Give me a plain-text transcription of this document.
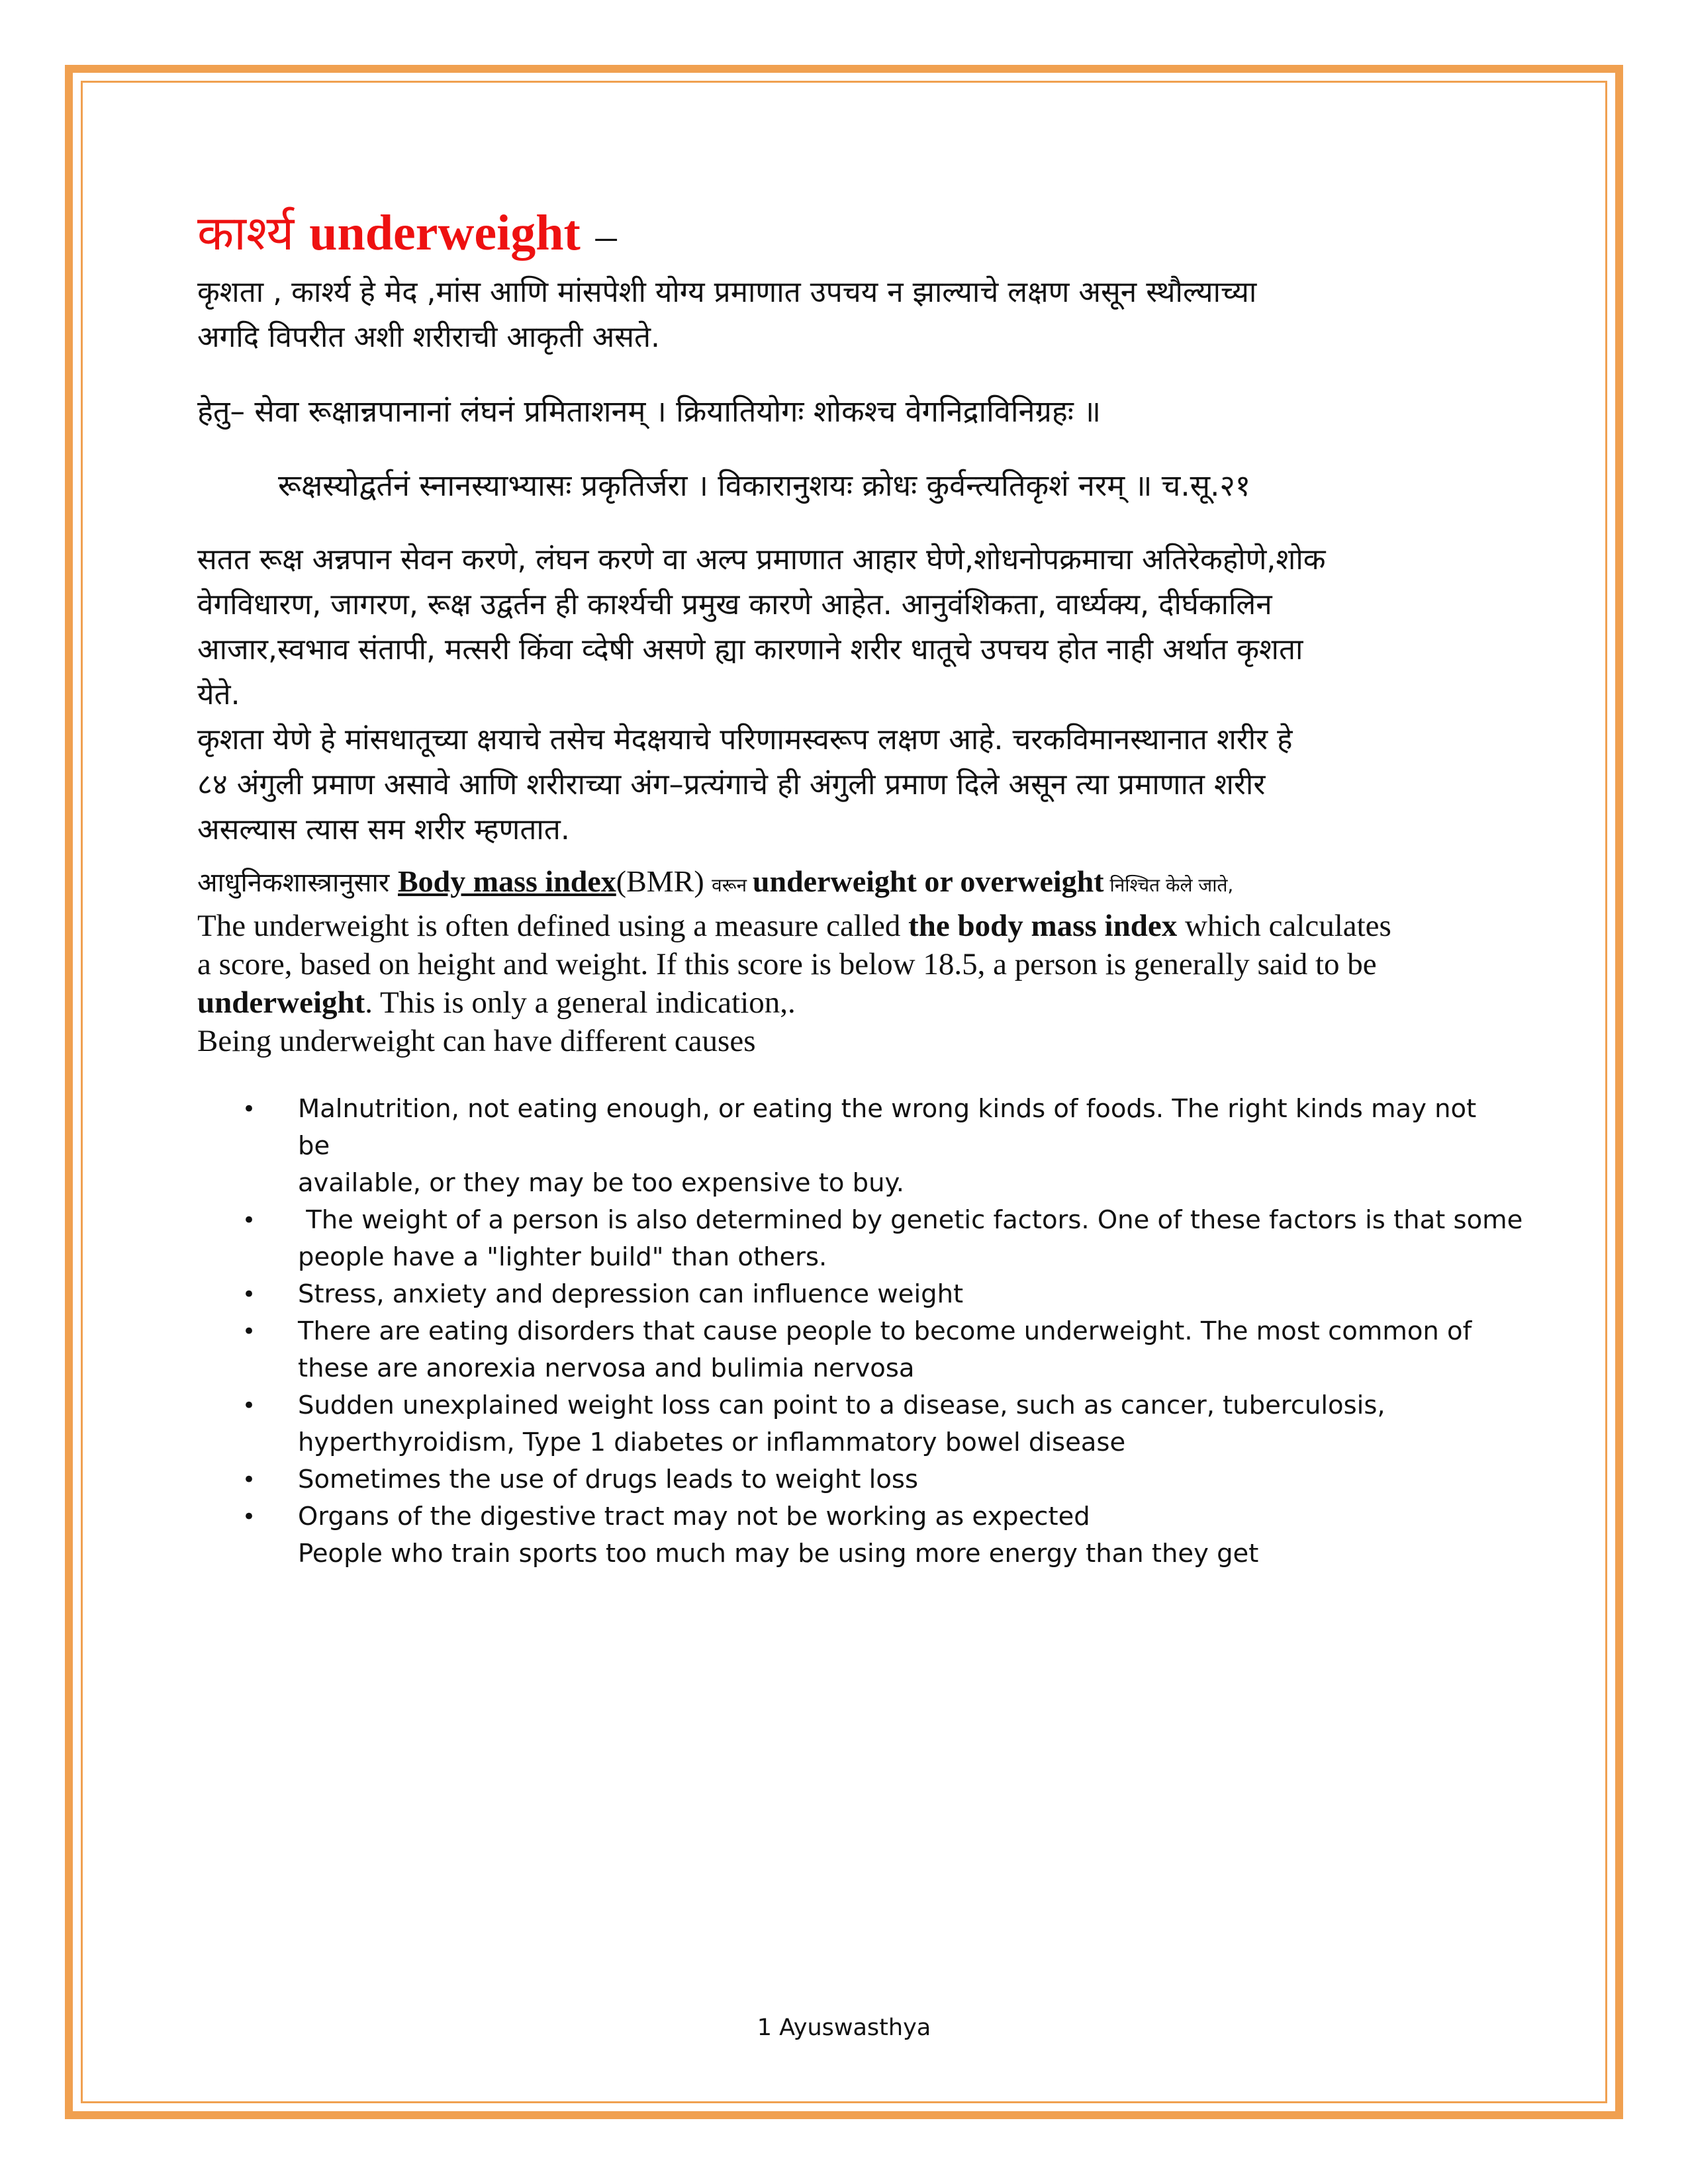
कार्श्य underweight –

कृशता , कार्श्य हे मेद ,मांस आणि मांसपेशी योग्य प्रमाणात उपचय न झाल्याचे लक्षण असून स्थौल्याच्या

अगदि विपरीत अशी शरीराची आकृती असते.

हेतु– सेवा रूक्षान्नपानानां लंघनं प्रमिताशनम् । क्रियातियोगः शोकश्च वेगनिद्राविनिग्रहः ॥

रूक्षस्योद्वर्तनं स्नानस्याभ्यासः प्रकृतिर्जरा । विकारानुशयः क्रोधः कुर्वन्त्यतिकृशं नरम् ॥ च.सू.२१

सतत रूक्ष अन्नपान सेवन करणे, लंघन करणे वा अल्प प्रमाणात आहार घेणे,शोधनोपक्रमाचा अतिरेकहोणे,शोक

वेगविधारण, जागरण, रूक्ष उद्वर्तन ही कार्श्यची प्रमुख कारणे आहेत. आनुवंशिकता, वार्ध्यक्य, दीर्घकालिन

आजार,स्वभाव संतापी, मत्सरी किंवा व्देषी असणे ह्या कारणाने शरीर धातूचे उपचय होत नाही अर्थात कृशता

येते.

कृशता येणे हे मांसधातूच्या क्षयाचे तसेच मेदक्षयाचे परिणामस्वरूप लक्षण आहे. चरकविमानस्थानात शरीर हे

८४ अंगुली प्रमाण असावे आणि शरीराच्या अंग–प्रत्यंगाचे ही अंगुली प्रमाण दिले असून त्या प्रमाणात शरीर

असल्यास त्यास सम शरीर म्हणतात.

आधुनिकशास्त्रानुसार Body mass index(BMR) वरून underweight or overweight निश्चित केले जाते,

The underweight is often defined using a measure called the body mass index which calculates

a score, based on height and weight. If this score is below 18.5, a person is generally said to be

underweight. This is only a general indication,.

Being underweight can have different causes

• Malnutrition, not eating enough, or eating the wrong kinds of foods. The right kinds may not be
available, or they may be too expensive to buy.
• The weight of a person is also determined by genetic factors. One of these factors is that some
people have a "lighter build" than others.
• Stress, anxiety and depression can influence weight
• There are eating disorders that cause people to become underweight. The most common of
these are anorexia nervosa and bulimia nervosa
• Sudden unexplained weight loss can point to a disease, such as cancer, tuberculosis,
hyperthyroidism, Type 1 diabetes or inflammatory bowel disease
• Sometimes the use of drugs leads to weight loss
• Organs of the digestive tract may not be working as expected
People who train sports too much may be using more energy than they get
1 Ayuswasthya
